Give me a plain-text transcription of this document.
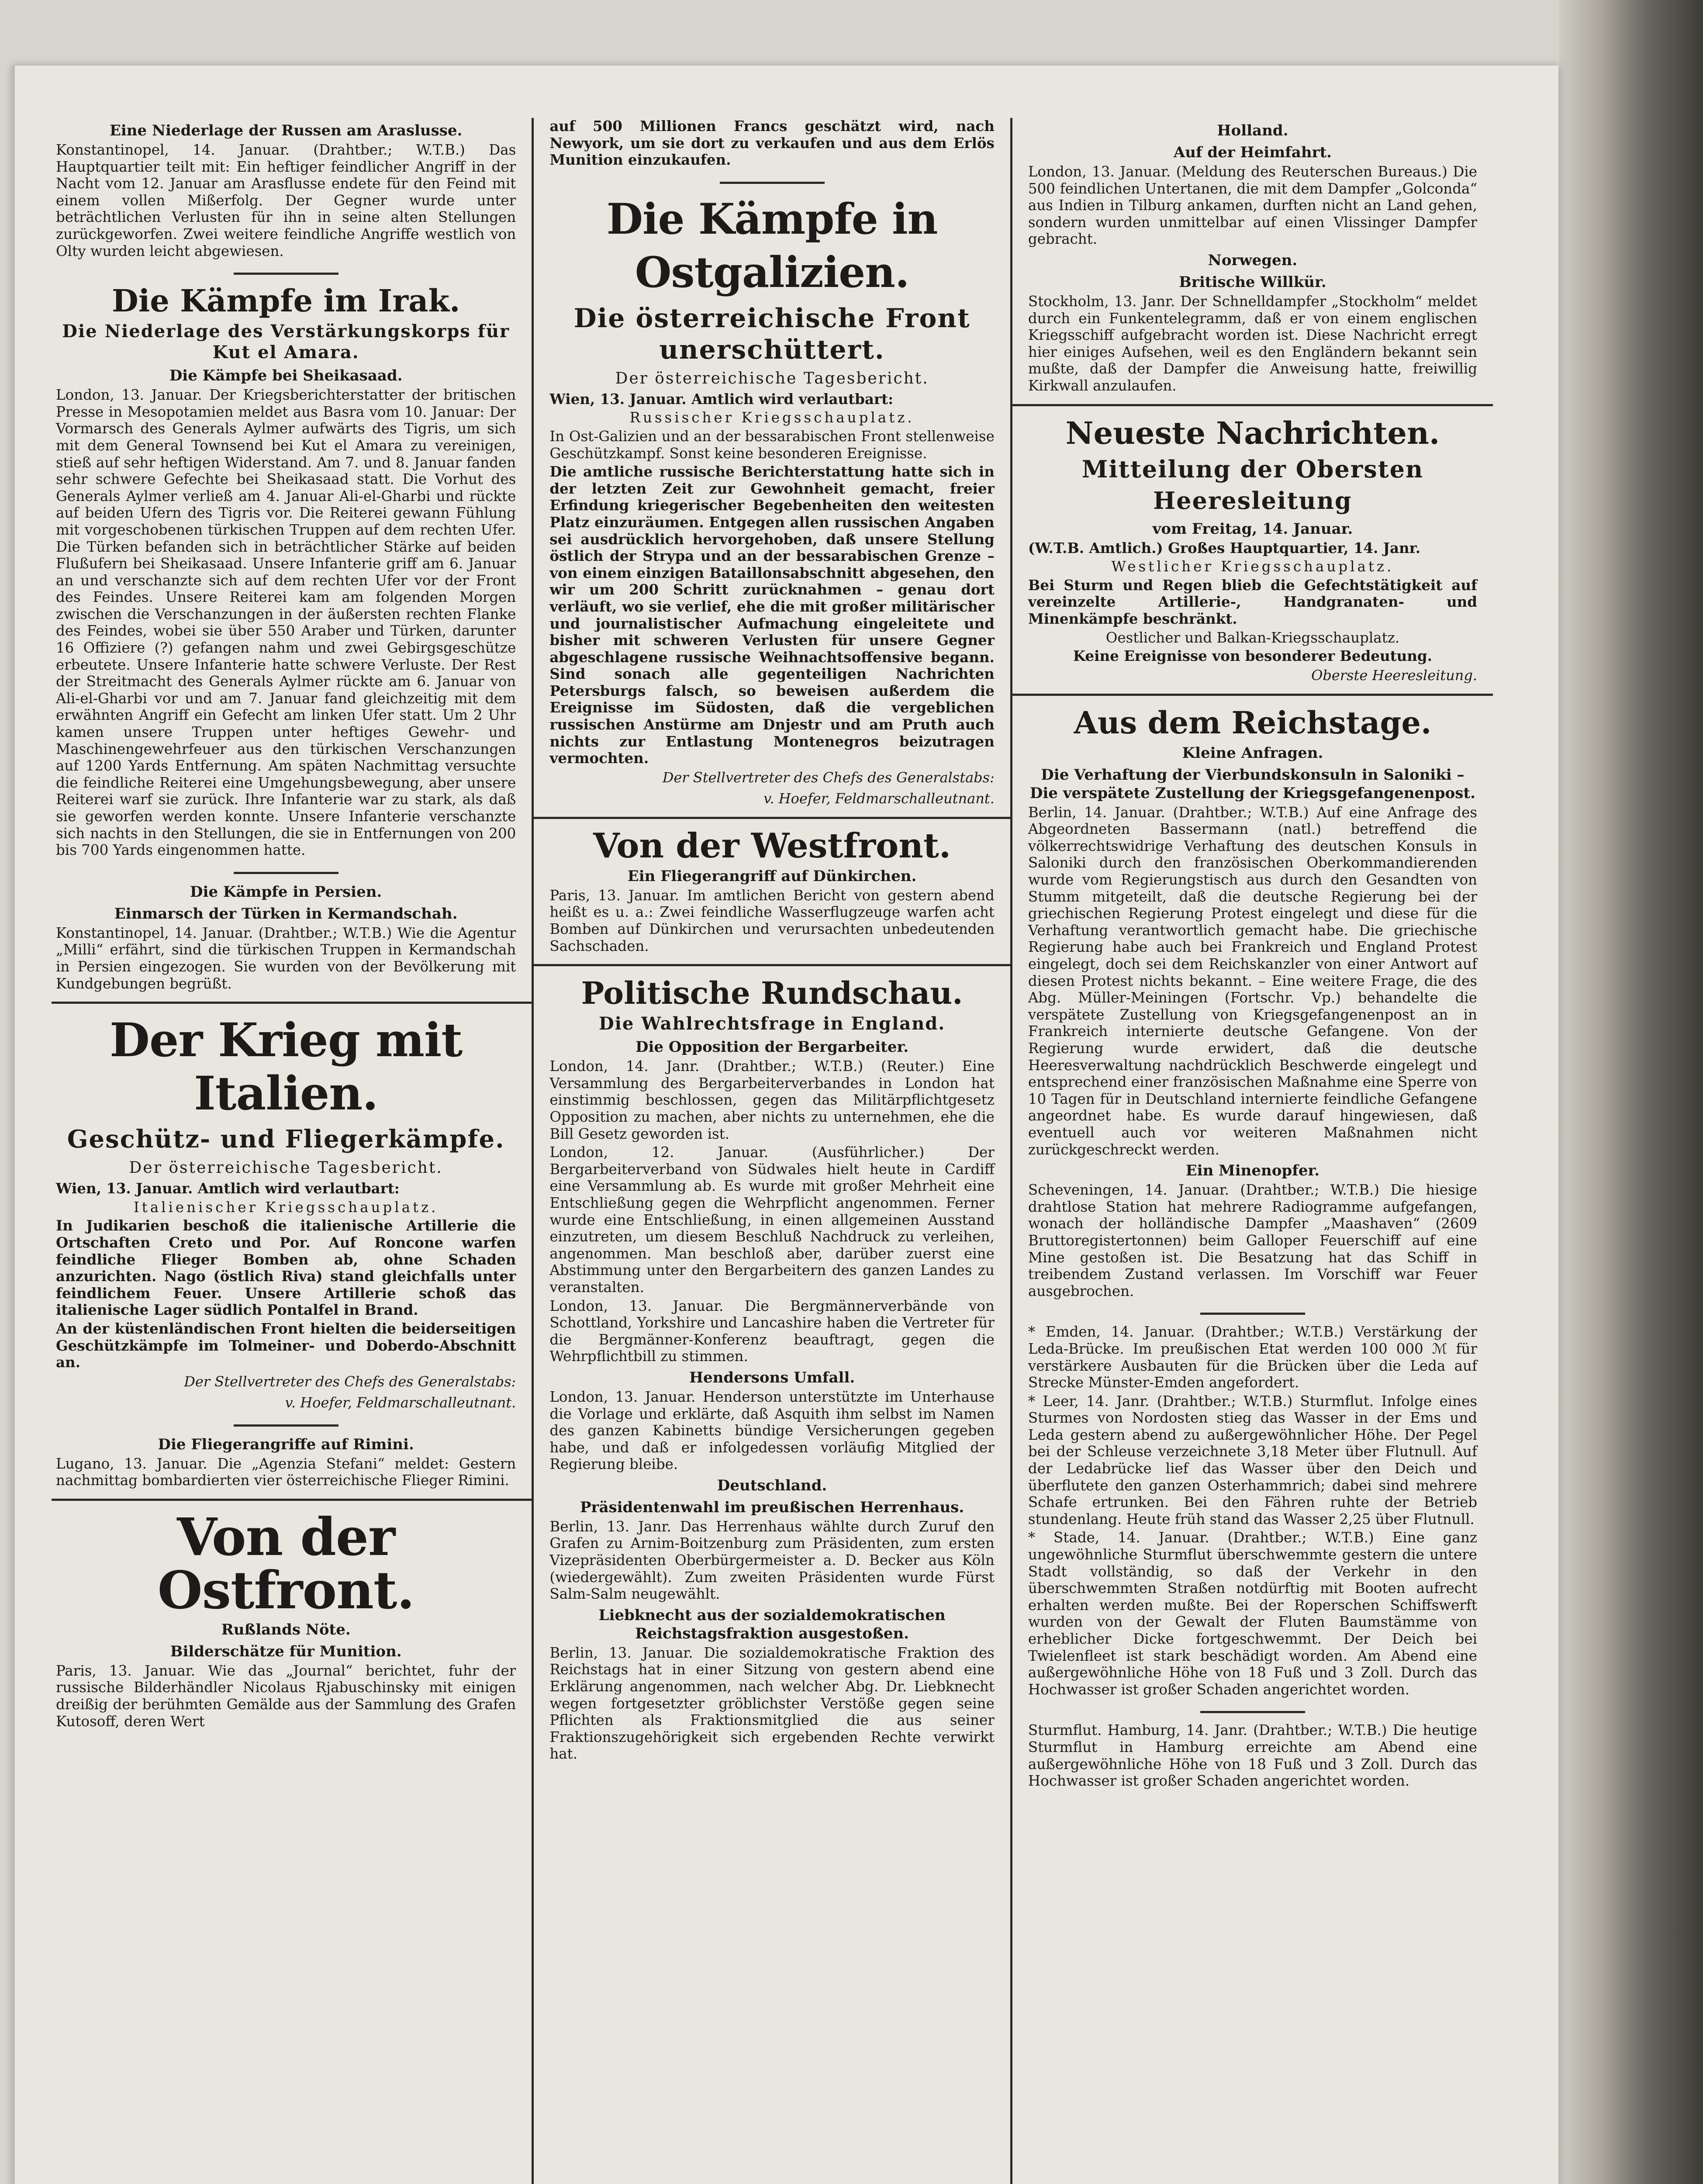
Eine Niederlage der Russen am Araslusse.

Konstantinopel, 14. Januar. (Drahtber.; W.T.B.) Das Hauptquartier teilt mit: Ein heftiger feindlicher Angriff in der Nacht vom 12. Januar am Arasflusse endete für den Feind mit einem vollen Mißerfolg. Der Gegner wurde unter beträchtlichen Verlusten für ihn in seine alten Stellungen zurückgeworfen. Zwei weitere feindliche Angriffe westlich von Olty wurden leicht abgewiesen.

Die Kämpfe im Irak.

Die Niederlage des Verstärkungskorps für Kut el Amara.

Die Kämpfe bei Sheikasaad.

London, 13. Januar. Der Kriegsberichterstatter der britischen Presse in Mesopotamien meldet aus Basra vom 10. Januar: Der Vormarsch des Generals Aylmer aufwärts des Tigris, um sich mit dem General Townsend bei Kut el Amara zu vereinigen, stieß auf sehr heftigen Widerstand. Am 7. und 8. Januar fanden sehr schwere Gefechte bei Sheikasaad statt. Die Vorhut des Generals Aylmer verließ am 4. Januar Ali-el-Gharbi und rückte auf beiden Ufern des Tigris vor. Die Reiterei gewann Fühlung mit vorgeschobenen türkischen Truppen auf dem rechten Ufer. Die Türken befanden sich in beträchtlicher Stärke auf beiden Flußufern bei Sheikasaad. Unsere Infanterie griff am 6. Januar an und verschanzte sich auf dem rechten Ufer vor der Front des Feindes. Unsere Reiterei kam am folgenden Morgen zwischen die Verschanzungen in der äußersten rechten Flanke des Feindes, wobei sie über 550 Araber und Türken, darunter 16 Offiziere (?) gefangen nahm und zwei Gebirgsgeschütze erbeutete. Unsere Infanterie hatte schwere Verluste. Der Rest der Streitmacht des Generals Aylmer rückte am 6. Januar von Ali-el-Gharbi vor und am 7. Januar fand gleichzeitig mit dem erwähnten Angriff ein Gefecht am linken Ufer statt. Um 2 Uhr kamen unsere Truppen unter heftiges Gewehr- und Maschinengewehrfeuer aus den türkischen Verschanzungen auf 1200 Yards Entfernung. Am späten Nachmittag versuchte die feindliche Reiterei eine Umgehungsbewegung, aber unsere Reiterei warf sie zurück. Ihre Infanterie war zu stark, als daß sie geworfen werden konnte. Unsere Infanterie verschanzte sich nachts in den Stellungen, die sie in Entfernungen von 200 bis 700 Yards eingenommen hatte.

Die Kämpfe in Persien.

Einmarsch der Türken in Kermandschah.

Konstantinopel, 14. Januar. (Drahtber.; W.T.B.) Wie die Agentur „Milli“ erfährt, sind die türkischen Truppen in Kermandschah in Persien eingezogen. Sie wurden von der Bevölkerung mit Kundgebungen begrüßt.

Der Krieg mit Italien.

Geschütz- und Fliegerkämpfe.

Der österreichische Tagesbericht.

Wien, 13. Januar. Amtlich wird verlautbart:

Italienischer Kriegsschauplatz.

In Judikarien beschoß die italienische Artillerie die Ortschaften Creto und Por. Auf Roncone warfen feindliche Flieger Bomben ab, ohne Schaden anzurichten. Nago (östlich Riva) stand gleichfalls unter feindlichem Feuer. Unsere Artillerie schoß das italienische Lager südlich Pontalfel in Brand.

An der küstenländischen Front hielten die beiderseitigen Geschützkämpfe im Tolmeiner- und Doberdo-Abschnitt an.

Der Stellvertreter des Chefs des Generalstabs:

v. Hoefer, Feldmarschalleutnant.

Die Fliegerangriffe auf Rimini.

Lugano, 13. Januar. Die „Agenzia Stefani“ meldet: Gestern nachmittag bombardierten vier österreichische Flieger Rimini.

Von der Ostfront.

Rußlands Nöte.

Bilderschätze für Munition.

Paris, 13. Januar. Wie das „Journal“ berichtet, fuhr der russische Bilderhändler Nicolaus Rjabuschinsky mit einigen dreißig der berühmten Gemälde aus der Sammlung des Grafen Kutosoff, deren Wert

auf 500 Millionen Francs geschätzt wird, nach Newyork, um sie dort zu verkaufen und aus dem Erlös Munition einzukaufen.

Die Kämpfe in Ostgalizien.

Die österreichische Front unerschüttert.

Der österreichische Tagesbericht.

Wien, 13. Januar. Amtlich wird verlautbart:

Russischer Kriegsschauplatz.

In Ost-Galizien und an der bessarabischen Front stellenweise Geschützkampf. Sonst keine besonderen Ereignisse.

Die amtliche russische Berichterstattung hatte sich in der letzten Zeit zur Gewohnheit gemacht, freier Erfindung kriegerischer Begebenheiten den weitesten Platz einzuräumen. Entgegen allen russischen Angaben sei ausdrücklich hervorgehoben, daß unsere Stellung östlich der Strypa und an der bessarabischen Grenze – von einem einzigen Bataillonsabschnitt abgesehen, den wir um 200 Schritt zurücknahmen – genau dort verläuft, wo sie verlief, ehe die mit großer militärischer und journalistischer Aufmachung eingeleitete und bisher mit schweren Verlusten für unsere Gegner abgeschlagene russische Weihnachtsoffensive begann. Sind sonach alle gegenteiligen Nachrichten Petersburgs falsch, so beweisen außerdem die Ereignisse im Südosten, daß die vergeblichen russischen Anstürme am Dnjestr und am Pruth auch nichts zur Entlastung Montenegros beizutragen vermochten.

Der Stellvertreter des Chefs des Generalstabs:

v. Hoefer, Feldmarschalleutnant.

Von der Westfront.

Ein Fliegerangriff auf Dünkirchen.

Paris, 13. Januar. Im amtlichen Bericht von gestern abend heißt es u. a.: Zwei feindliche Wasserflugzeuge warfen acht Bomben auf Dünkirchen und verursachten unbedeutenden Sachschaden.

Politische Rundschau.

Die Wahlrechtsfrage in England.

Die Opposition der Bergarbeiter.

London, 14. Janr. (Drahtber.; W.T.B.) (Reuter.) Eine Versammlung des Bergarbeiterverbandes in London hat einstimmig beschlossen, gegen das Militärpflichtgesetz Opposition zu machen, aber nichts zu unternehmen, ehe die Bill Gesetz geworden ist.

London, 12. Januar. (Ausführlicher.) Der Bergarbeiterverband von Südwales hielt heute in Cardiff eine Versammlung ab. Es wurde mit großer Mehrheit eine Entschließung gegen die Wehrpflicht angenommen. Ferner wurde eine Entschließung, in einen allgemeinen Ausstand einzutreten, um diesem Beschluß Nachdruck zu verleihen, angenommen. Man beschloß aber, darüber zuerst eine Abstimmung unter den Bergarbeitern des ganzen Landes zu veranstalten.

London, 13. Januar. Die Bergmännerverbände von Schottland, Yorkshire und Lancashire haben die Vertreter für die Bergmänner-Konferenz beauftragt, gegen die Wehrpflichtbill zu stimmen.

Hendersons Umfall.

London, 13. Januar. Henderson unterstützte im Unterhause die Vorlage und erklärte, daß Asquith ihm selbst im Namen des ganzen Kabinetts bündige Versicherungen gegeben habe, und daß er infolgedessen vorläufig Mitglied der Regierung bleibe.

Deutschland.

Präsidentenwahl im preußischen Herrenhaus.

Berlin, 13. Janr. Das Herrenhaus wählte durch Zuruf den Grafen zu Arnim-Boitzenburg zum Präsidenten, zum ersten Vizepräsidenten Oberbürgermeister a. D. Becker aus Köln (wiedergewählt). Zum zweiten Präsidenten wurde Fürst Salm-Salm neugewählt.

Liebknecht aus der sozialdemokratischen Reichstagsfraktion ausgestoßen.

Berlin, 13. Januar. Die sozialdemokratische Fraktion des Reichstags hat in einer Sitzung von gestern abend eine Erklärung angenommen, nach welcher Abg. Dr. Liebknecht wegen fortgesetzter gröblichster Verstöße gegen seine Pflichten als Fraktionsmitglied die aus seiner Fraktionszugehörigkeit sich ergebenden Rechte verwirkt hat.

Holland.

Auf der Heimfahrt.

London, 13. Januar. (Meldung des Reuterschen Bureaus.) Die 500 feindlichen Untertanen, die mit dem Dampfer „Golconda“ aus Indien in Tilburg ankamen, durften nicht an Land gehen, sondern wurden unmittelbar auf einen Vlissinger Dampfer gebracht.

Norwegen.

Britische Willkür.

Stockholm, 13. Janr. Der Schnelldampfer „Stockholm“ meldet durch ein Funkentelegramm, daß er von einem englischen Kriegsschiff aufgebracht worden ist. Diese Nachricht erregt hier einiges Aufsehen, weil es den Engländern bekannt sein mußte, daß der Dampfer die Anweisung hatte, freiwillig Kirkwall anzulaufen.

Neueste Nachrichten.

Mitteilung der Obersten Heeresleitung

vom Freitag, 14. Januar.

(W.T.B. Amtlich.) Großes Hauptquartier, 14. Janr.

Westlicher Kriegsschauplatz.

Bei Sturm und Regen blieb die Gefechtstätigkeit auf vereinzelte Artillerie-, Handgranaten- und Minenkämpfe beschränkt.

Oestlicher und Balkan-Kriegsschauplatz.

Keine Ereignisse von besonderer Bedeutung.

Oberste Heeresleitung.

Aus dem Reichstage.

Kleine Anfragen.

Die Verhaftung der Vierbundskonsuln in Saloniki – Die verspätete Zustellung der Kriegsgefangenenpost.

Berlin, 14. Januar. (Drahtber.; W.T.B.) Auf eine Anfrage des Abgeordneten Bassermann (natl.) betreffend die völkerrechtswidrige Verhaftung des deutschen Konsuls in Saloniki durch den französischen Oberkommandierenden wurde vom Regierungstisch aus durch den Gesandten von Stumm mitgeteilt, daß die deutsche Regierung bei der griechischen Regierung Protest eingelegt und diese für die Verhaftung verantwortlich gemacht habe. Die griechische Regierung habe auch bei Frankreich und England Protest eingelegt, doch sei dem Reichskanzler von einer Antwort auf diesen Protest nichts bekannt. – Eine weitere Frage, die des Abg. Müller-Meiningen (Fortschr. Vp.) behandelte die verspätete Zustellung von Kriegsgefangenenpost an in Frankreich internierte deutsche Gefangene. Von der Regierung wurde erwidert, daß die deutsche Heeresverwaltung nachdrücklich Beschwerde eingelegt und entsprechend einer französischen Maßnahme eine Sperre von 10 Tagen für in Deutschland internierte feindliche Gefangene angeordnet habe. Es wurde darauf hingewiesen, daß eventuell auch vor weiteren Maßnahmen nicht zurückgeschreckt werden.

Ein Minenopfer.

Scheveningen, 14. Januar. (Drahtber.; W.T.B.) Die hiesige drahtlose Station hat mehrere Radiogramme aufgefangen, wonach der holländische Dampfer „Maashaven“ (2609 Bruttoregistertonnen) beim Galloper Feuerschiff auf eine Mine gestoßen ist. Die Besatzung hat das Schiff in treibendem Zustand verlassen. Im Vorschiff war Feuer ausgebrochen.

* Emden, 14. Januar. (Drahtber.; W.T.B.) Verstärkung der Leda-Brücke. Im preußischen Etat werden 100 000 ℳ für verstärkere Ausbauten für die Brücken über die Leda auf Strecke Münster-Emden angefordert.

* Leer, 14. Janr. (Drahtber.; W.T.B.) Sturmflut. Infolge eines Sturmes von Nordosten stieg das Wasser in der Ems und Leda gestern abend zu außergewöhnlicher Höhe. Der Pegel bei der Schleuse verzeichnete 3,18 Meter über Flutnull. Auf der Ledabrücke lief das Wasser über den Deich und überflutete den ganzen Osterhammrich; dabei sind mehrere Schafe ertrunken. Bei den Fähren ruhte der Betrieb stundenlang. Heute früh stand das Wasser 2,25 über Flutnull.

* Stade, 14. Januar. (Drahtber.; W.T.B.) Eine ganz ungewöhnliche Sturmflut überschwemmte gestern die untere Stadt vollständig, so daß der Verkehr in den überschwemmten Straßen notdürftig mit Booten aufrecht erhalten werden mußte. Bei der Roperschen Schiffswerft wurden von der Gewalt der Fluten Baumstämme von erheblicher Dicke fortgeschwemmt. Der Deich bei Twielenfleet ist stark beschädigt worden. Am Abend eine außergewöhnliche Höhe von 18 Fuß und 3 Zoll. Durch das Hochwasser ist großer Schaden angerichtet worden.

Sturmflut. Hamburg, 14. Janr. (Drahtber.; W.T.B.) Die heutige Sturmflut in Hamburg erreichte am Abend eine außergewöhnliche Höhe von 18 Fuß und 3 Zoll. Durch das Hochwasser ist großer Schaden angerichtet worden.
